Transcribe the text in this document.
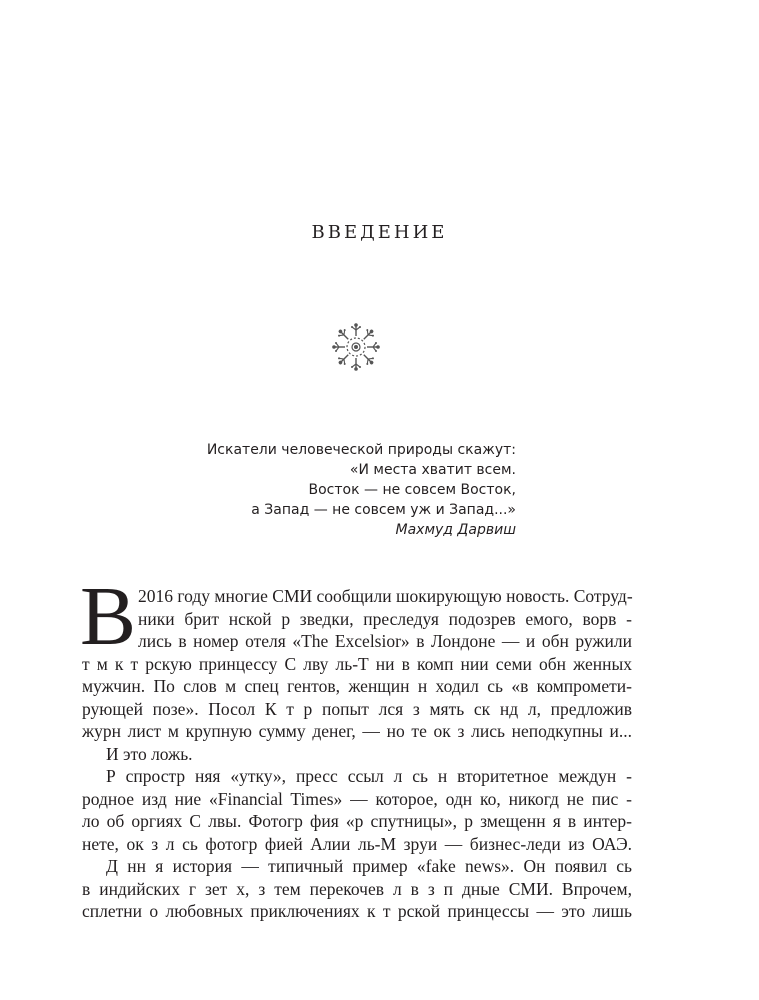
ВВЕДЕНИЕ
Искатели человеческой природы скажут:
«И места хватит всем.
Восток — не совсем Восток,
а Запад — не совсем уж и Запад...»
Махмуд Дарвиш
В 2016 году многие СМИ сообщили шокирующую новость. Сотруд-
ники брит нской р зведки, преследуя подозрев емого, ворв -
лись в номер отеля «The Excelsior» в Лондоне — и обн ружили
т м к т рскую принцессу С лву ль-Т ни в комп нии семи обн женных
мужчин. По слов м спец гентов, женщин н ходил сь «в компромети-
рующей позе». Посол К т р попыт лся з мять ск нд л, предложив
журн лист м крупную сумму денег, — но те ок з лись неподкупны и...
И это ложь.
Р спростр няя «утку», пресс ссыл л сь н вторитетное междун -
родное изд ние «Financial Times» — которое, одн ко, никогд не пис -
ло об оргиях С лвы. Фотогр фия «р спутницы», р змещенн я в интер-
нете, ок з л сь фотогр фией Алии ль-М зруи — бизнес-леди из ОАЭ.
Д нн я история — типичный пример «fake news». Он появил сь
в индийских г зет х, з тем перекочев л в з п дные СМИ. Впрочем,
сплетни о любовных приключениях к т рской принцессы — это лишь
